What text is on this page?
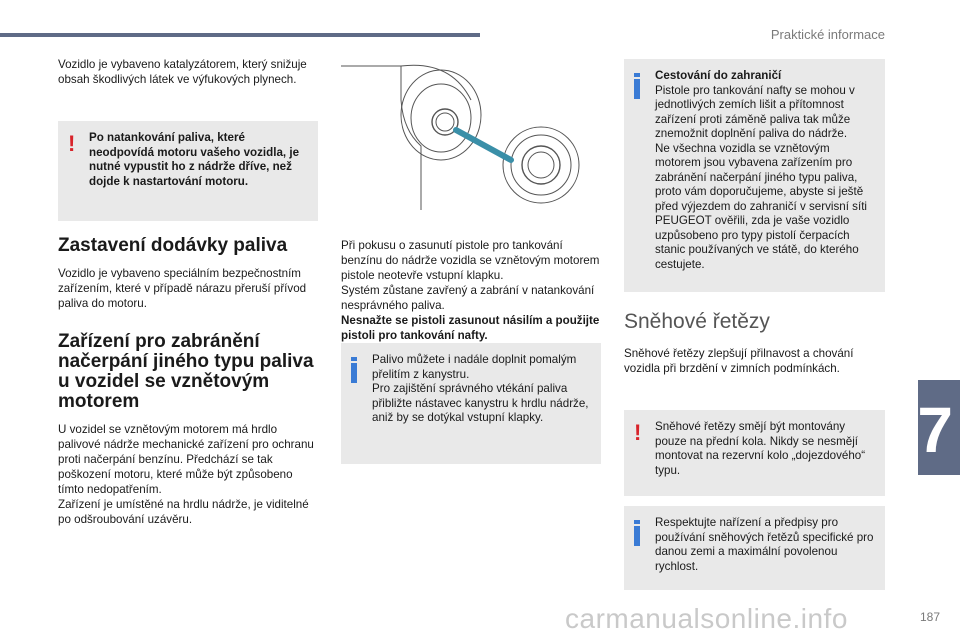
Praktické informace
7
187
carmanualsonline.info

Vozidlo je vybaveno katalyzátorem, který snižuje obsah škodlivých látek ve výfukových plynech.

! Po natankování paliva, které neodpovídá motoru vašeho vozidla, je nutné vypustit ho z nádrže dříve, než dojde k nastartování motoru.
Zastavení dodávky paliva

Vozidlo je vybaveno speciálním bezpečnostním zařízením, které v případě nárazu přeruší přívod paliva do motoru.

Zařízení pro zabránění načerpání jiného typu paliva u vozidel se vznětovým motorem

U vozidel se vznětovým motorem má hrdlo palivové nádrže mechanické zařízení pro ochranu proti načerpání benzínu. Předchází se tak poškození motoru, které může být způsobeno tímto nedopatřením.

Zařízení je umístěné na hrdlu nádrže, je viditelné po odšroubování uzávěru.

Při pokusu o zasunutí pistole pro tankování benzínu do nádrže vozidla se vznětovým motorem pistole neotevře vstupní klapku.

Systém zůstane zavřený a zabrání v natankování nesprávného paliva.

Nesnažte se pistoli zasunout násilím a použijte pistoli pro tankování nafty.

Palivo můžete i nadále doplnit pomalým přelitím z kanystru.

Pro zajištění správného vtékání paliva přibližte nástavec kanystru k hrdlu nádrže, aniž by se dotýkal vstupní klapky.

Cestování do zahraničí

Pistole pro tankování nafty se mohou v jednotlivých zemích lišit a přítomnost zařízení proti záměně paliva tak může znemožnit doplnění paliva do nádrže.

Ne všechna vozidla se vznětovým motorem jsou vybavena zařízením pro zabránění načerpání jiného typu paliva, proto vám doporučujeme, abyste si ještě před výjezdem do zahraničí v servisní síti PEUGEOT ověřili, zda je vaše vozidlo uzpůsobeno pro typy pistolí čerpacích stanic používaných ve státě, do kterého cestujete.

Sněhové řetězy

Sněhové řetězy zlepšují přilnavost a chování vozidla při brzdění v zimních podmínkách.

! Sněhové řetězy smějí být montovány pouze na přední kola. Nikdy se nesmějí montovat na rezervní kolo „dojezdového“ typu.
Respektujte nařízení a předpisy pro používání sněhových řetězů specifické pro danou zemi a maximální povolenou rychlost.
